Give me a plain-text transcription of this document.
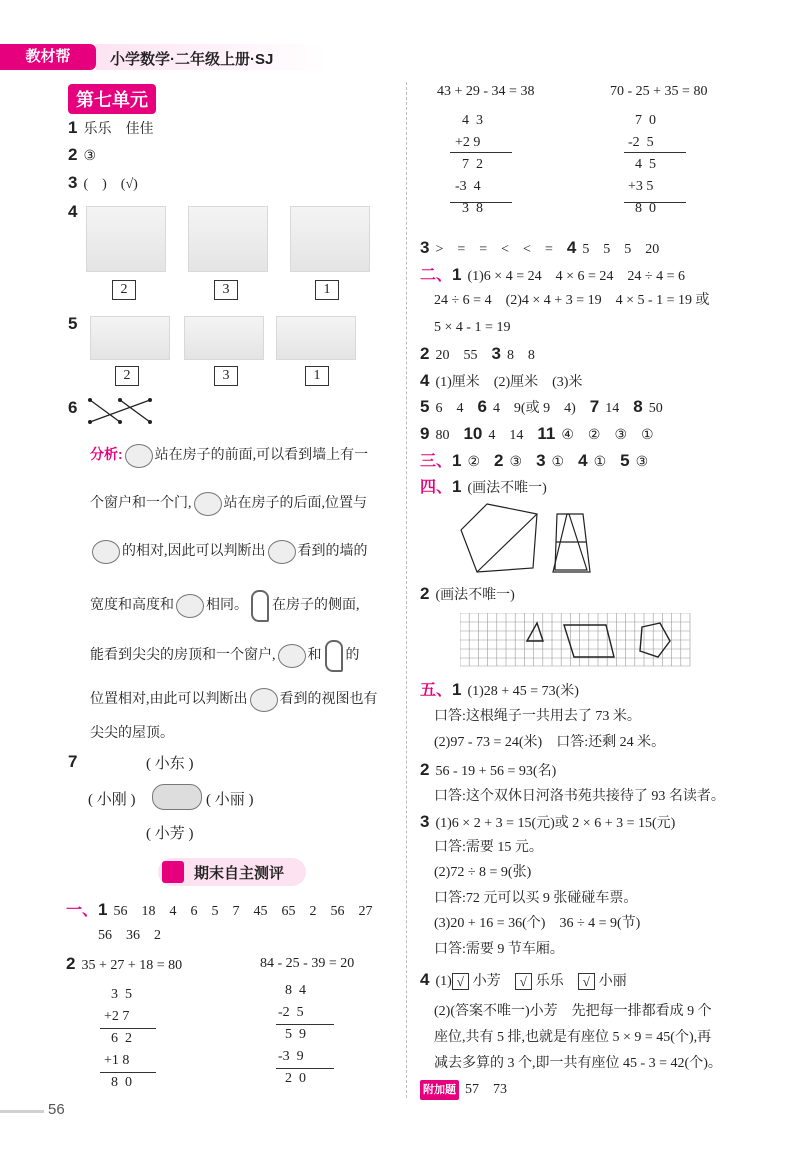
教材帮	小学数学·二年级上册·SJ
第七单元
1 乐乐　佳佳
2 ③
3 (　)　(√)
4
2	3	1
5
2	3	1
6
分析: 站在房子的前面,可以看到墙上有一
个窗户和一个门, 站在房子的后面,位置与
的相对,因此可以判断出 看到的墙的
宽度和高度和 相同。 在房子的侧面,
能看到尖尖的房顶和一个窗户, 和 的
位置相对,由此可以判断出 看到的视图也有
尖尖的屋顶。
7	( 小东 )
( 小刚 )	( 小丽 )
( 小芳 )
期末自主测评
一、1 56　18　4　6　5　7　45　65　2　56　27
56　36　2
2 35 + 27 + 18 = 80	84 - 25 - 39 = 20
3  5
+2 7
6  2
+1 8
8  0
8  4
-2  5
5  9
-3  9
2  0
56
43 + 29 - 34 = 38	70 - 25 + 35 = 80
4  3
+2 9
7  2
-3  4
3  8
7  0
-2  5
4  5
+3 5
8  0
3 >　=　=　<　<　=　 4 5　5　5　20
二、1 (1)6 × 4 = 24　4 × 6 = 24　24 ÷ 4 = 6
24 ÷ 6 = 4　(2)4 × 4 + 3 = 19　4 × 5 - 1 = 19 或
5 × 4 - 1 = 19
2 20　55　 3 8　8
4 (1)厘米　(2)厘米　(3)米
5 6　4　 6 4　9(或 9　4)　 7 14　 8 50
9 80　 10 4　14　 11 ④　②　③　①
三、1 ②　 2 ③　 3 ①　 4 ①　 5 ③
四、1 (画法不唯一)
2 (画法不唯一)
五、1 (1)28 + 45 = 73(米)
口答:这根绳子一共用去了 73 米。
(2)97 - 73 = 24(米)　口答:还剩 24 米。
2 56 - 19 + 56 = 93(名)
口答:这个双休日河洛书苑共接待了 93 名读者。
3 (1)6 × 2 + 3 = 15(元)或 2 × 6 + 3 = 15(元)
口答:需要 15 元。
(2)72 ÷ 8 = 9(张)
口答:72 元可以买 9 张碰碰车票。
(3)20 + 16 = 36(个)　36 ÷ 4 = 9(节)
口答:需要 9 节车厢。
4 (1) √ 小芳　 √ 乐乐　 √ 小丽
(2)(答案不唯一)小芳　先把每一排都看成 9 个
座位,共有 5 排,也就是有座位 5 × 9 = 45(个),再
减去多算的 3 个,即一共有座位 45 - 3 = 42(个)。
附加题 57　73
